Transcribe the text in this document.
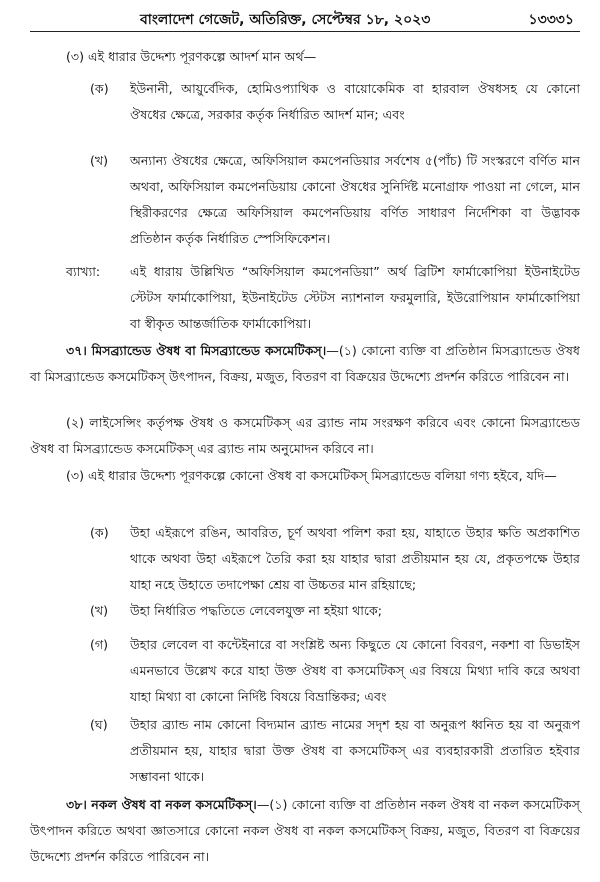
বাংলাদেশ গেজেট, অতিরিক্ত, সেপ্টেম্বর ১৮, ২০২৩	১৩৩৩১
(৩) এই ধারার উদ্দেশ্য পূরণকল্পে আদর্শ মান অর্থ—
(ক) ইউনানী, আয়ুর্বেদিক, হোমিওপ্যাথিক ও বায়োকেমিক বা হারবাল ঔষধসহ যে কোনো ঔষধের ক্ষেত্রে, সরকার কর্তৃক নির্ধারিত আদর্শ মান; এবং
(খ) অন্যান্য ঔষধের ক্ষেত্রে, অফিসিয়াল কমপেনডিয়ার সর্বশেষ ৫(পাঁচ) টি সংস্করণে বর্ণিত মান অথবা, অফিসিয়াল কমপেনডিয়ায় কোনো ঔষধের সুনির্দিষ্ট মনোগ্রাফ পাওয়া না গেলে, মান স্থিরীকরণের ক্ষেত্রে অফিসিয়াল কমপেনডিয়ায় বর্ণিত সাধারণ নির্দেশিকা বা উদ্ভাবক প্রতিষ্ঠান কর্তৃক নির্ধারিত স্পেসিফিকেশন।
ব্যাখ্যা: এই ধারায় উল্লিখিত “অফিসিয়াল কমপেনডিয়া” অর্থ ব্রিটিশ ফার্মাকোপিয়া ইউনাইটেড স্টেটস ফার্মাকোপিয়া, ইউনাইটেড স্টেটস ন্যাশনাল ফরমুলারি, ইউরোপিয়ান ফার্মাকোপিয়া বা স্বীকৃত আন্তর্জাতিক ফার্মাকোপিয়া।
৩৭। মিসব্র্যান্ডেড ঔষধ বা মিসব্র্যান্ডেড কসমেটিকস্‌।—(১) কোনো ব্যক্তি বা প্রতিষ্ঠান মিসব্র্যান্ডেড ঔষধ বা মিসব্র্যান্ডেড কসমেটিকস্‌ উৎপাদন, বিক্রয়, মজুত, বিতরণ বা বিক্রয়ের উদ্দেশ্যে প্রদর্শন করিতে পারিবেন না।
(২) লাইসেন্সিং কর্তৃপক্ষ ঔষধ ও কসমেটিকস্‌ এর ব্র্যান্ড নাম সংরক্ষণ করিবে এবং কোনো মিসব্র্যান্ডেড ঔষধ বা মিসব্র্যান্ডেড কসমেটিকস্‌ এর ব্র্যান্ড নাম অনুমোদন করিবে না।
(৩) এই ধারার উদ্দেশ্য পূরণকল্পে কোনো ঔষধ বা কসমেটিকস্‌ মিসব্র্যান্ডেড বলিয়া গণ্য হইবে, যদি—
(ক) উহা এইরূপে রঙিন, আবরিত, চূর্ণ অথবা পলিশ করা হয়, যাহাতে উহার ক্ষতি অপ্রকাশিত থাকে অথবা উহা এইরূপে তৈরি করা হয় যাহার দ্বারা প্রতীয়মান হয় যে, প্রকৃতপক্ষে উহার যাহা নহে উহাতে তদাপেক্ষা শ্রেয় বা উচ্চতর মান রহিয়াছে;
(খ) উহা নির্ধারিত পদ্ধতিতে লেবেলযুক্ত না হইয়া থাকে;
(গ) উহার লেবেল বা কন্টেইনারে বা সংশ্লিষ্ট অন্য কিছুতে যে কোনো বিবরণ, নকশা বা ডিভাইস এমনভাবে উল্লেখ করে যাহা উক্ত ঔষধ বা কসমেটিকস্‌ এর বিষয়ে মিথ্যা দাবি করে অথবা যাহা মিথ্যা বা কোনো নির্দিষ্ট বিষয়ে বিভ্রান্তিকর; এবং
(ঘ) উহার ব্র্যান্ড নাম কোনো বিদ্যমান ব্র্যান্ড নামের সদৃশ হয় বা অনুরূপ ধ্বনিত হয় বা অনুরূপ প্রতীয়মান হয়, যাহার দ্বারা উক্ত ঔষধ বা কসমেটিকস্‌ এর ব্যবহারকারী প্রতারিত হইবার সম্ভাবনা থাকে।
৩৮। নকল ঔষধ বা নকল কসমেটিকস্‌।—(১) কোনো ব্যক্তি বা প্রতিষ্ঠান নকল ঔষধ বা নকল কসমেটিকস্‌ উৎপাদন করিতে অথবা জ্ঞাতসারে কোনো নকল ঔষধ বা নকল কসমেটিকস্‌ বিক্রয়, মজুত, বিতরণ বা বিক্রয়ের উদ্দেশ্যে প্রদর্শন করিতে পারিবেন না।
